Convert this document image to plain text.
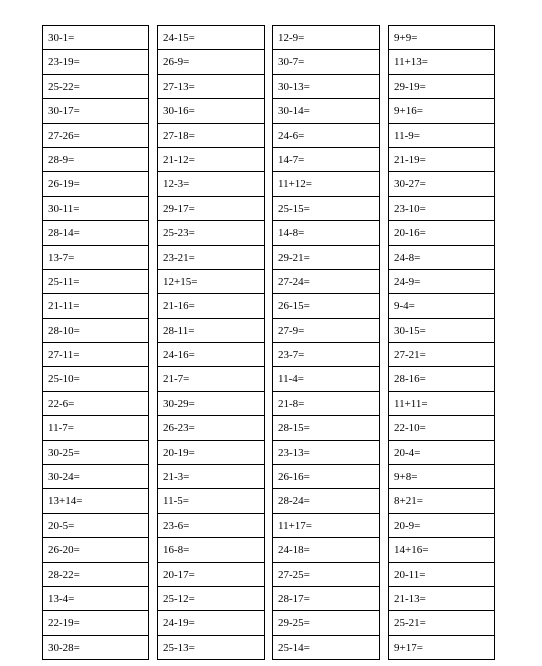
30-1=
23-19=
25-22=
30-17=
27-26=
28-9=
26-19=
30-11=
28-14=
13-7=
25-11=
21-11=
28-10=
27-11=
25-10=
22-6=
11-7=
30-25=
30-24=
13+14=
20-5=
26-20=
28-22=
13-4=
22-19=
30-28=
24-15=
26-9=
27-13=
30-16=
27-18=
21-12=
12-3=
29-17=
25-23=
23-21=
12+15=
21-16=
28-11=
24-16=
21-7=
30-29=
26-23=
20-19=
21-3=
11-5=
23-6=
16-8=
20-17=
25-12=
24-19=
25-13=
12-9=
30-7=
30-13=
30-14=
24-6=
14-7=
11+12=
25-15=
14-8=
29-21=
27-24=
26-15=
27-9=
23-7=
11-4=
21-8=
28-15=
23-13=
26-16=
28-24=
11+17=
24-18=
27-25=
28-17=
29-25=
25-14=
9+9=
11+13=
29-19=
9+16=
11-9=
21-19=
30-27=
23-10=
20-16=
24-8=
24-9=
9-4=
30-15=
27-21=
28-16=
11+11=
22-10=
20-4=
9+8=
8+21=
20-9=
14+16=
20-11=
21-13=
25-21=
9+17=
